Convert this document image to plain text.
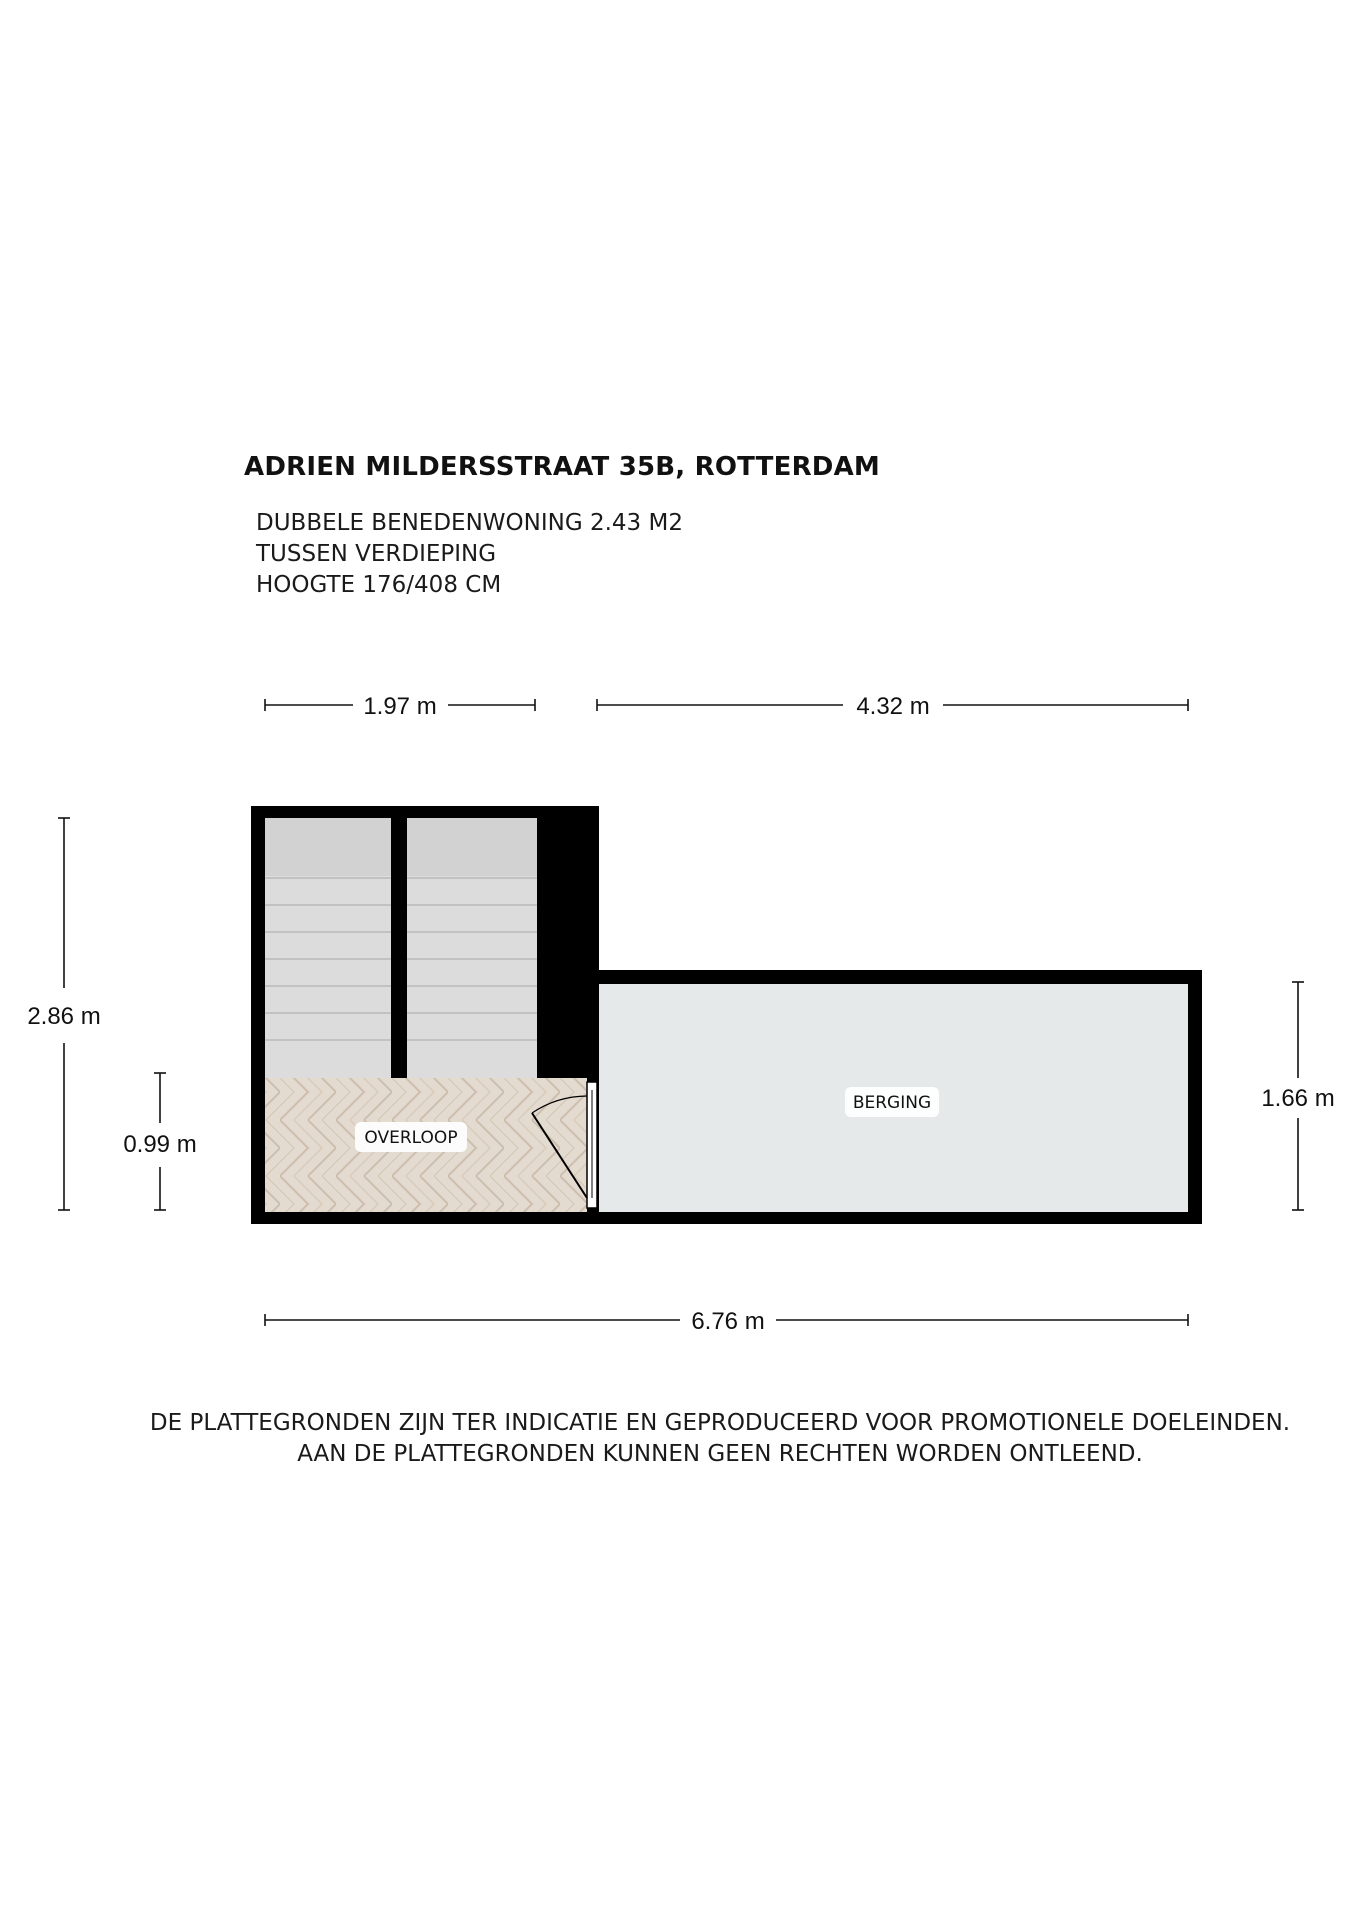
ADRIEN MILDERSSTRAAT 35B, ROTTERDAM
DUBBELE BENEDENWONING 2.43 M2
TUSSEN VERDIEPING
HOOGTE 176/408 CM
1.97 m	4.32 m
2.86 m
0.99 m
1.66 m
6.76 m
OVERLOOP
BERGING
DE PLATTEGRONDEN ZIJN TER INDICATIE EN GEPRODUCEERD VOOR PROMOTIONELE DOELEINDEN.
AAN DE PLATTEGRONDEN KUNNEN GEEN RECHTEN WORDEN ONTLEEND.
